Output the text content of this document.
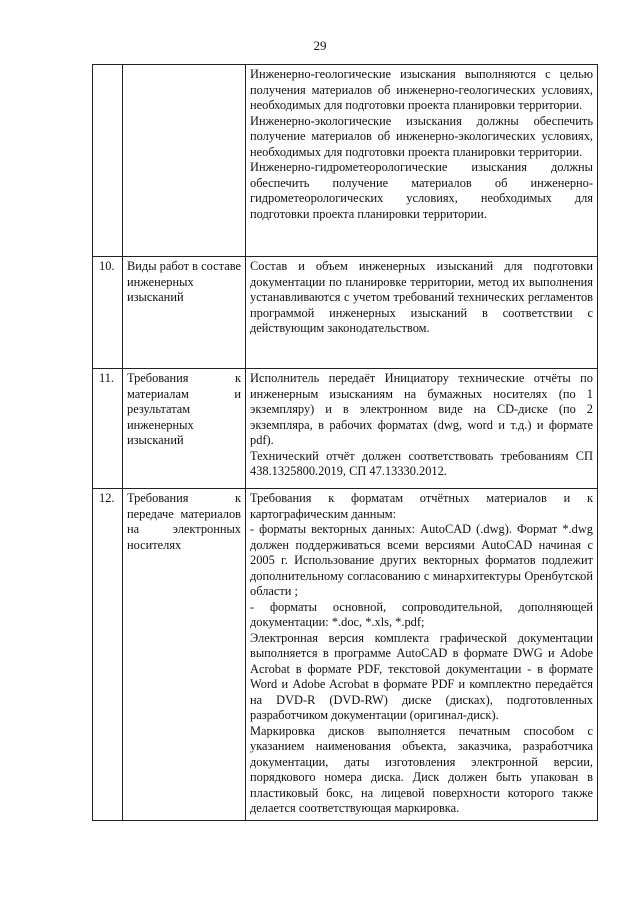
29

		Инженерно-геологические изыскания выполняются с целью получения материалов об инженерно-геологических условиях, необходимых для подготовки проекта планировки территории.

Инженерно-экологические изыскания должны обеспечить получение материалов об инженерно-экологических условиях, необходимых для подготовки проекта планировки территории.

Инженерно-гидрометеорологические изыскания должны обеспечить получение материалов об инженерно-гидрометеорологических условиях, необходимых для подготовки проекта планировки территории.

10.	Виды работ в составе инженерных изысканий	Состав и объем инженерных изысканий для подготовки документации по планировке территории, метод их выполнения устанавливаются с учетом требований технических регламентов программой инженерных изысканий в соответствии с действующим законодательством.

11.	Требования к материалам и результатам инженерных изысканий	Исполнитель передаёт Инициатору технические отчёты по инженерным изысканиям на бумажных носителях (по 1 экземпляру) и в электронном виде на CD-диске (по 2 экземпляра, в рабочих форматах (dwg, word и т.д.) и формате pdf).

Технический отчёт должен соответствовать требованиям СП 438.1325800.2019, СП 47.13330.2012.

12.	Требования к передаче материалов на электронных носителях	Требования к форматам отчётных материалов и к картографическим данным:

- форматы векторных данных: AutoCAD (.dwg). Формат *.dwg должен поддерживаться всеми версиями AutoCAD начиная с 2005 г. Использование других векторных форматов подлежит дополнительному согласованию с минархитектуры Оренбутской области ;

- форматы основной, сопроводительной, дополняющей документации: *.doc, *.xls, *.pdf;

Электронная версия комплекта графической документации выполняется в программе AutoCAD в формате DWG и Adobe Acrobat в формате PDF, текстовой документации - в формате Word и Adobe Acrobat в формате PDF и комплектно передаётся на DVD-R (DVD-RW) диске (дисках), подготовленных разработчиком документации (оригинал-диск).

Маркировка дисков выполняется печатным способом с указанием наименования объекта, заказчика, разработчика документации, даты изготовления электронной версии, порядкового номера диска. Диск должен быть упакован в пластиковый бокс, на лицевой поверхности которого также делается соответствующая маркировка.
